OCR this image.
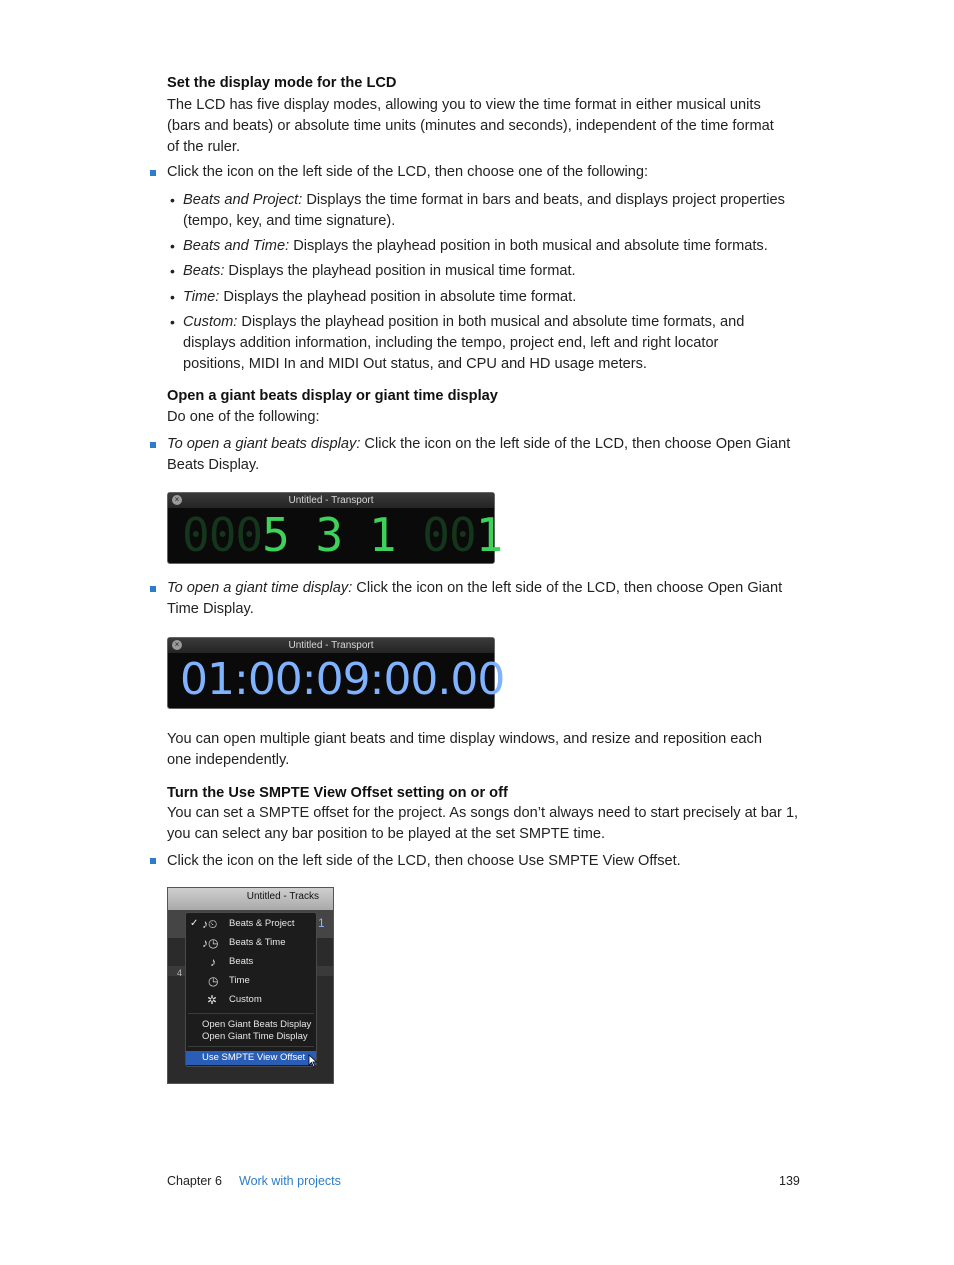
Set the display mode for the LCD
The LCD has five display modes, allowing you to view the time format in either musical units
(bars and beats) or absolute time units (minutes and seconds), independent of the time format
of the ruler.
Click the icon on the left side of the LCD, then choose one of the following:
• Beats and Project: Displays the time format in bars and beats, and displays project properties
(tempo, key, and time signature).
• Beats and Time: Displays the playhead position in both musical and absolute time formats.
• Beats: Displays the playhead position in musical time format.
• Time: Displays the playhead position in absolute time format.
• Custom: Displays the playhead position in both musical and absolute time formats, and
displays addition information, including the tempo, project end, left and right locator
positions, MIDI In and MIDI Out status, and CPU and HD usage meters.
Open a giant beats display or giant time display
Do one of the following:
To open a giant beats display: Click the icon on the left side of the LCD, then choose Open Giant
Beats Display.
×	Untitled - Transport
0005 3 1 001
To open a giant time display: Click the icon on the left side of the LCD, then choose Open Giant
Time Display.
×	Untitled - Transport
01:00:09:00.00
You can open multiple giant beats and time display windows, and resize and reposition each
one independently.
Turn the Use SMPTE View Offset setting on or off
You can set a SMPTE offset for the project. As songs don’t always need to start precisely at bar 1,
you can select any bar position to be played at the set SMPTE time.
Click the icon on the left side of the LCD, then choose Use SMPTE View Offset.
Untitled - Tracks
1
4
✓ ♪⏲ Beats & Project
♪◷ Beats & Time
♪ Beats
◷ Time
✲ Custom
Open Giant Beats Display
Open Giant Time Display
Use SMPTE View Offset
Chapter 6 Work with projects	139
